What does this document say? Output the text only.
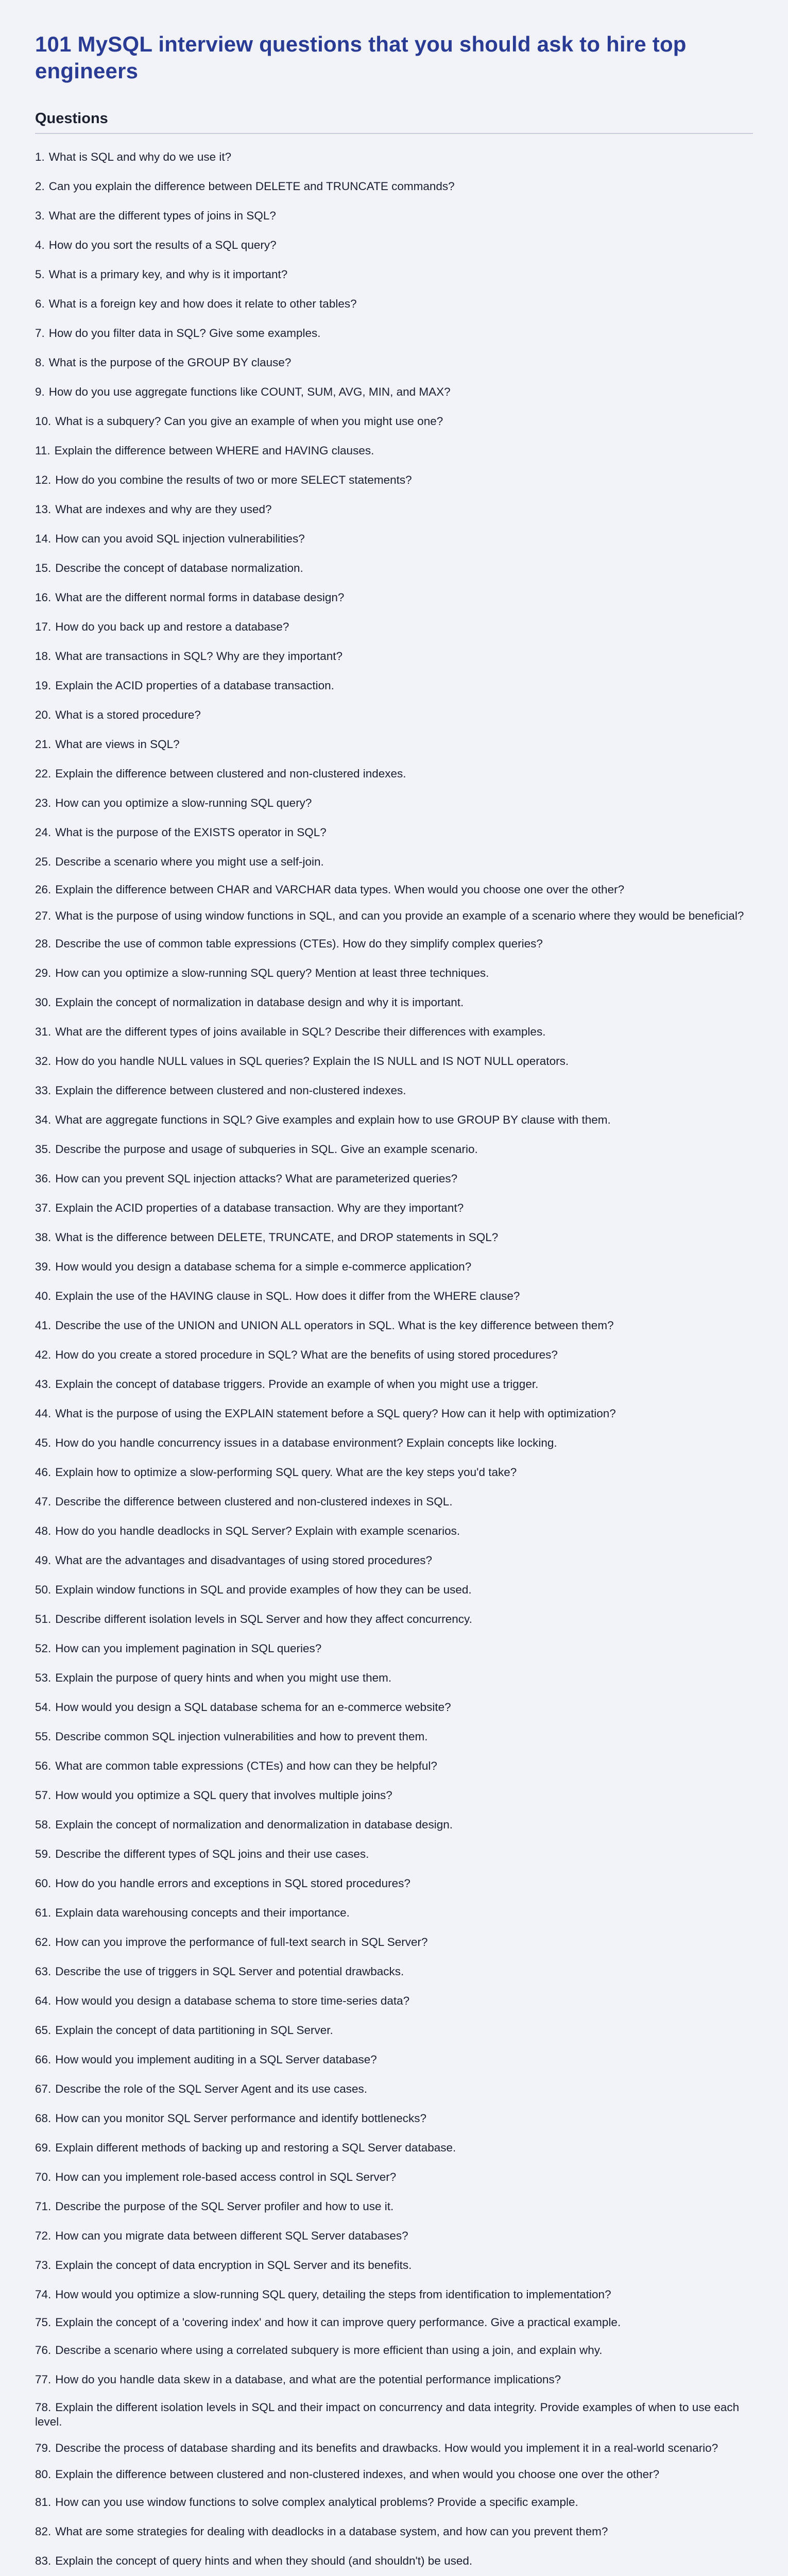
101 MySQL interview questions that you should ask to hire top engineers
Questions
1. What is SQL and why do we use it?
2. Can you explain the difference between DELETE and TRUNCATE commands?
3. What are the different types of joins in SQL?
4. How do you sort the results of a SQL query?
5. What is a primary key, and why is it important?
6. What is a foreign key and how does it relate to other tables?
7. How do you filter data in SQL? Give some examples.
8. What is the purpose of the GROUP BY clause?
9. How do you use aggregate functions like COUNT, SUM, AVG, MIN, and MAX?
10. What is a subquery? Can you give an example of when you might use one?
11. Explain the difference between WHERE and HAVING clauses.
12. How do you combine the results of two or more SELECT statements?
13. What are indexes and why are they used?
14. How can you avoid SQL injection vulnerabilities?
15. Describe the concept of database normalization.
16. What are the different normal forms in database design?
17. How do you back up and restore a database?
18. What are transactions in SQL? Why are they important?
19. Explain the ACID properties of a database transaction.
20. What is a stored procedure?
21. What are views in SQL?
22. Explain the difference between clustered and non-clustered indexes.
23. How can you optimize a slow-running SQL query?
24. What is the purpose of the EXISTS operator in SQL?
25. Describe a scenario where you might use a self-join.
26. Explain the difference between CHAR and VARCHAR data types. When would you choose one over the other?
27. What is the purpose of using window functions in SQL, and can you provide an example of a scenario where they would be beneficial?
28. Describe the use of common table expressions (CTEs). How do they simplify complex queries?
29. How can you optimize a slow-running SQL query? Mention at least three techniques.
30. Explain the concept of normalization in database design and why it is important.
31. What are the different types of joins available in SQL? Describe their differences with examples.
32. How do you handle NULL values in SQL queries? Explain the IS NULL and IS NOT NULL operators.
33. Explain the difference between clustered and non-clustered indexes.
34. What are aggregate functions in SQL? Give examples and explain how to use GROUP BY clause with them.
35. Describe the purpose and usage of subqueries in SQL. Give an example scenario.
36. How can you prevent SQL injection attacks? What are parameterized queries?
37. Explain the ACID properties of a database transaction. Why are they important?
38. What is the difference between DELETE, TRUNCATE, and DROP statements in SQL?
39. How would you design a database schema for a simple e-commerce application?
40. Explain the use of the HAVING clause in SQL. How does it differ from the WHERE clause?
41. Describe the use of the UNION and UNION ALL operators in SQL. What is the key difference between them?
42. How do you create a stored procedure in SQL? What are the benefits of using stored procedures?
43. Explain the concept of database triggers. Provide an example of when you might use a trigger.
44. What is the purpose of using the EXPLAIN statement before a SQL query? How can it help with optimization?
45. How do you handle concurrency issues in a database environment? Explain concepts like locking.
46. Explain how to optimize a slow-performing SQL query. What are the key steps you'd take?
47. Describe the difference between clustered and non-clustered indexes in SQL.
48. How do you handle deadlocks in SQL Server? Explain with example scenarios.
49. What are the advantages and disadvantages of using stored procedures?
50. Explain window functions in SQL and provide examples of how they can be used.
51. Describe different isolation levels in SQL Server and how they affect concurrency.
52. How can you implement pagination in SQL queries?
53. Explain the purpose of query hints and when you might use them.
54. How would you design a SQL database schema for an e-commerce website?
55. Describe common SQL injection vulnerabilities and how to prevent them.
56. What are common table expressions (CTEs) and how can they be helpful?
57. How would you optimize a SQL query that involves multiple joins?
58. Explain the concept of normalization and denormalization in database design.
59. Describe the different types of SQL joins and their use cases.
60. How do you handle errors and exceptions in SQL stored procedures?
61. Explain data warehousing concepts and their importance.
62. How can you improve the performance of full-text search in SQL Server?
63. Describe the use of triggers in SQL Server and potential drawbacks.
64. How would you design a database schema to store time-series data?
65. Explain the concept of data partitioning in SQL Server.
66. How would you implement auditing in a SQL Server database?
67. Describe the role of the SQL Server Agent and its use cases.
68. How can you monitor SQL Server performance and identify bottlenecks?
69. Explain different methods of backing up and restoring a SQL Server database.
70. How can you implement role-based access control in SQL Server?
71. Describe the purpose of the SQL Server profiler and how to use it.
72. How can you migrate data between different SQL Server databases?
73. Explain the concept of data encryption in SQL Server and its benefits.
74. How would you optimize a slow-running SQL query, detailing the steps from identification to implementation?
75. Explain the concept of a 'covering index' and how it can improve query performance. Give a practical example.
76. Describe a scenario where using a correlated subquery is more efficient than using a join, and explain why.
77. How do you handle data skew in a database, and what are the potential performance implications?
78. Explain the different isolation levels in SQL and their impact on concurrency and data integrity. Provide examples of when to use each level.
79. Describe the process of database sharding and its benefits and drawbacks. How would you implement it in a real-world scenario?
80. Explain the difference between clustered and non-clustered indexes, and when would you choose one over the other?
81. How can you use window functions to solve complex analytical problems? Provide a specific example.
82. What are some strategies for dealing with deadlocks in a database system, and how can you prevent them?
83. Explain the concept of query hints and when they should (and shouldn't) be used.
